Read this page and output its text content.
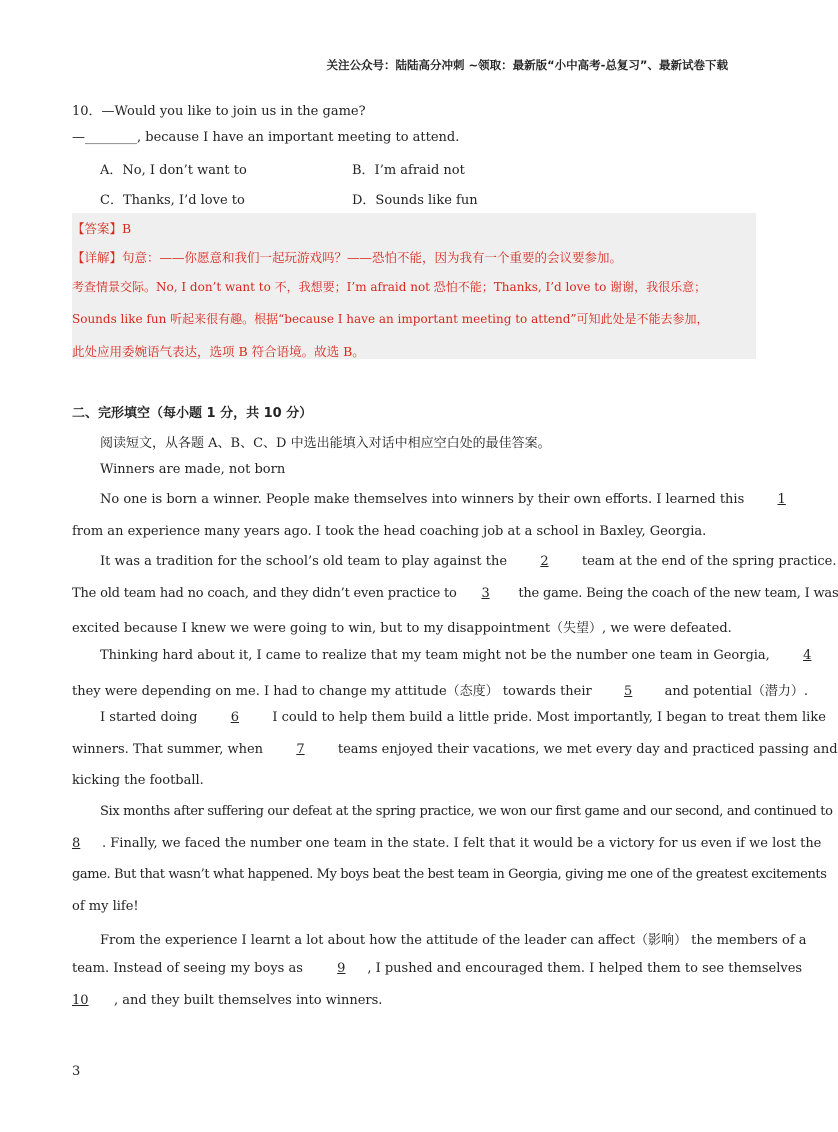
关注公众号：陆陆高分冲刺 ~领取：最新版“小中高考-总复习”、最新试卷下载
10．—Would you like to join us in the game?
—________, because I have an important meeting to attend.
A．No, I don’t want to	B．I’m afraid not
C．Thanks, I’d love to	D．Sounds like fun
【答案】B
【详解】句意：——你愿意和我们一起玩游戏吗？——恐怕不能，因为我有一个重要的会议要参加。
考查情景交际。No, I don’t want to 不，我想要；I’m afraid not 恐怕不能；Thanks, I’d love to 谢谢，我很乐意；
Sounds like fun 听起来很有趣。根据“because I have an important meeting to attend”可知此处是不能去参加，
此处应用委婉语气表达，选项 B 符合语境。故选 B。
二、完形填空（每小题 1 分，共 10 分）
阅读短文，从各题 A、B、C、D 中选出能填入对话中相应空白处的最佳答案。
Winners are made, not born
No one is born a winner. People make themselves into winners by their own efforts. I learned this	1
from an experience many years ago. I took the head coaching job at a school in Baxley, Georgia.
It was a tradition for the school’s old team to play against the	2	team at the end of the spring practice.
The old team had no coach, and they didn’t even practice to 3 the game. Being the coach of the new team, I was
excited because I knew we were going to win, but to my disappointment（失望）, we were defeated.
Thinking hard about it, I came to realize that my team might not be the number one team in Georgia,	4
they were depending on me. I had to change my attitude（态度） towards their 5 and potential（潜力）.
I started doing	6	I could to help them build a little pride. Most importantly, I began to treat them like
winners. That summer, when	7	teams enjoyed their vacations, we met every day and practiced passing and
kicking the football.
Six months after suffering our defeat at the spring practice, we won our first game and our second, and continued to
8 . Finally, we faced the number one team in the state. I felt that it would be a victory for us even if we lost the
game. But that wasn’t what happened. My boys beat the best team in Georgia, giving me one of the greatest excitements
of my life!
From the experience I learnt a lot about how the attitude of the leader can affect（影响） the members of a
team. Instead of seeing my boys as	9 , I pushed and encouraged them. I helped them to see themselves
10 , and they built themselves into winners.
3
